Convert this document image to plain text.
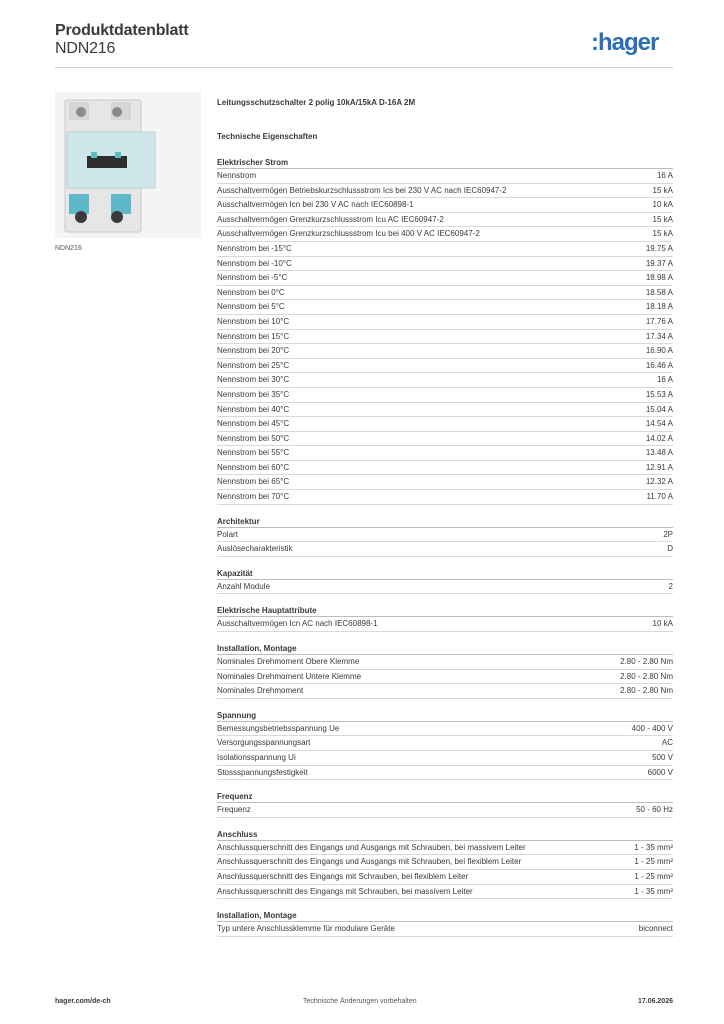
Produktdatenblatt
NDN216	:hager
NDN216
Leitungsschutzschalter 2 polig 10kA/15kA D-16A 2M
Technische Eigenschaften
Elektrischer Strom
Nennstrom	16 A
Ausschaltvermögen Betriebskurzschlussstrom Ics bei 230 V AC nach IEC60947-2	15 kA
Ausschaltvermögen Icn bei 230 V AC nach IEC60898-1	10 kA
Ausschaltvermögen Grenzkurzschlussstrom Icu AC IEC60947-2	15 kA
Ausschaltvermögen Grenzkurzschlussstrom Icu bei 400 V AC IEC60947-2	15 kA
Nennstrom bei -15°C	19.75 A
Nennstrom bei -10°C	19.37 A
Nennstrom bei -5°C	18.98 A
Nennstrom bei 0°C	18.58 A
Nennstrom bei 5°C	18.18 A
Nennstrom bei 10°C	17.76 A
Nennstrom bei 15°C	17.34 A
Nennstrom bei 20°C	16.90 A
Nennstrom bei 25°C	16.46 A
Nennstrom bei 30°C	16 A
Nennstrom bei 35°C	15.53 A
Nennstrom bei 40°C	15.04 A
Nennstrom bei 45°C	14.54 A
Nennstrom bei 50°C	14.02 A
Nennstrom bei 55°C	13.48 A
Nennstrom bei 60°C	12.91 A
Nennstrom bei 65°C	12.32 A
Nennstrom bei 70°C	11.70 A
Architektur
Polart	2P
Auslösecharakteristik	D
Kapazität
Anzahl Module	2
Elektrische Hauptattribute
Ausschaltvermögen Icn AC nach IEC60898-1	10 kA
Installation, Montage
Nominales Drehmoment Obere Klemme	2.80 - 2.80 Nm
Nominales Drehmoment Untere Klemme	2.80 - 2.80 Nm
Nominales Drehmoment	2.80 - 2.80 Nm
Spannung
Bemessungsbetriebsspannung Ue	400 - 400 V
Versorgungsspannungsart	AC
Isolationsspannung Ui	500 V
Stossspannungsfestigkeit	6000 V
Frequenz
Frequenz	50 - 60 Hz
Anschluss
Anschlussquerschnitt des Eingangs und Ausgangs mit Schrauben, bei massivem Leiter	1 - 35 mm²
Anschlussquerschnitt des Eingangs und Ausgangs mit Schrauben, bei flexiblem Leiter	1 - 25 mm²
Anschlussquerschnitt des Eingangs mit Schrauben, bei flexiblem Leiter	1 - 25 mm²
Anschlussquerschnitt des Eingangs mit Schrauben, bei massivem Leiter	1 - 35 mm²
Installation, Montage
Typ untere Anschlussklemme für modulare Geräte	biconnect
hager.com/de-ch	Technische Änderungen vorbehalten	17.06.2026
